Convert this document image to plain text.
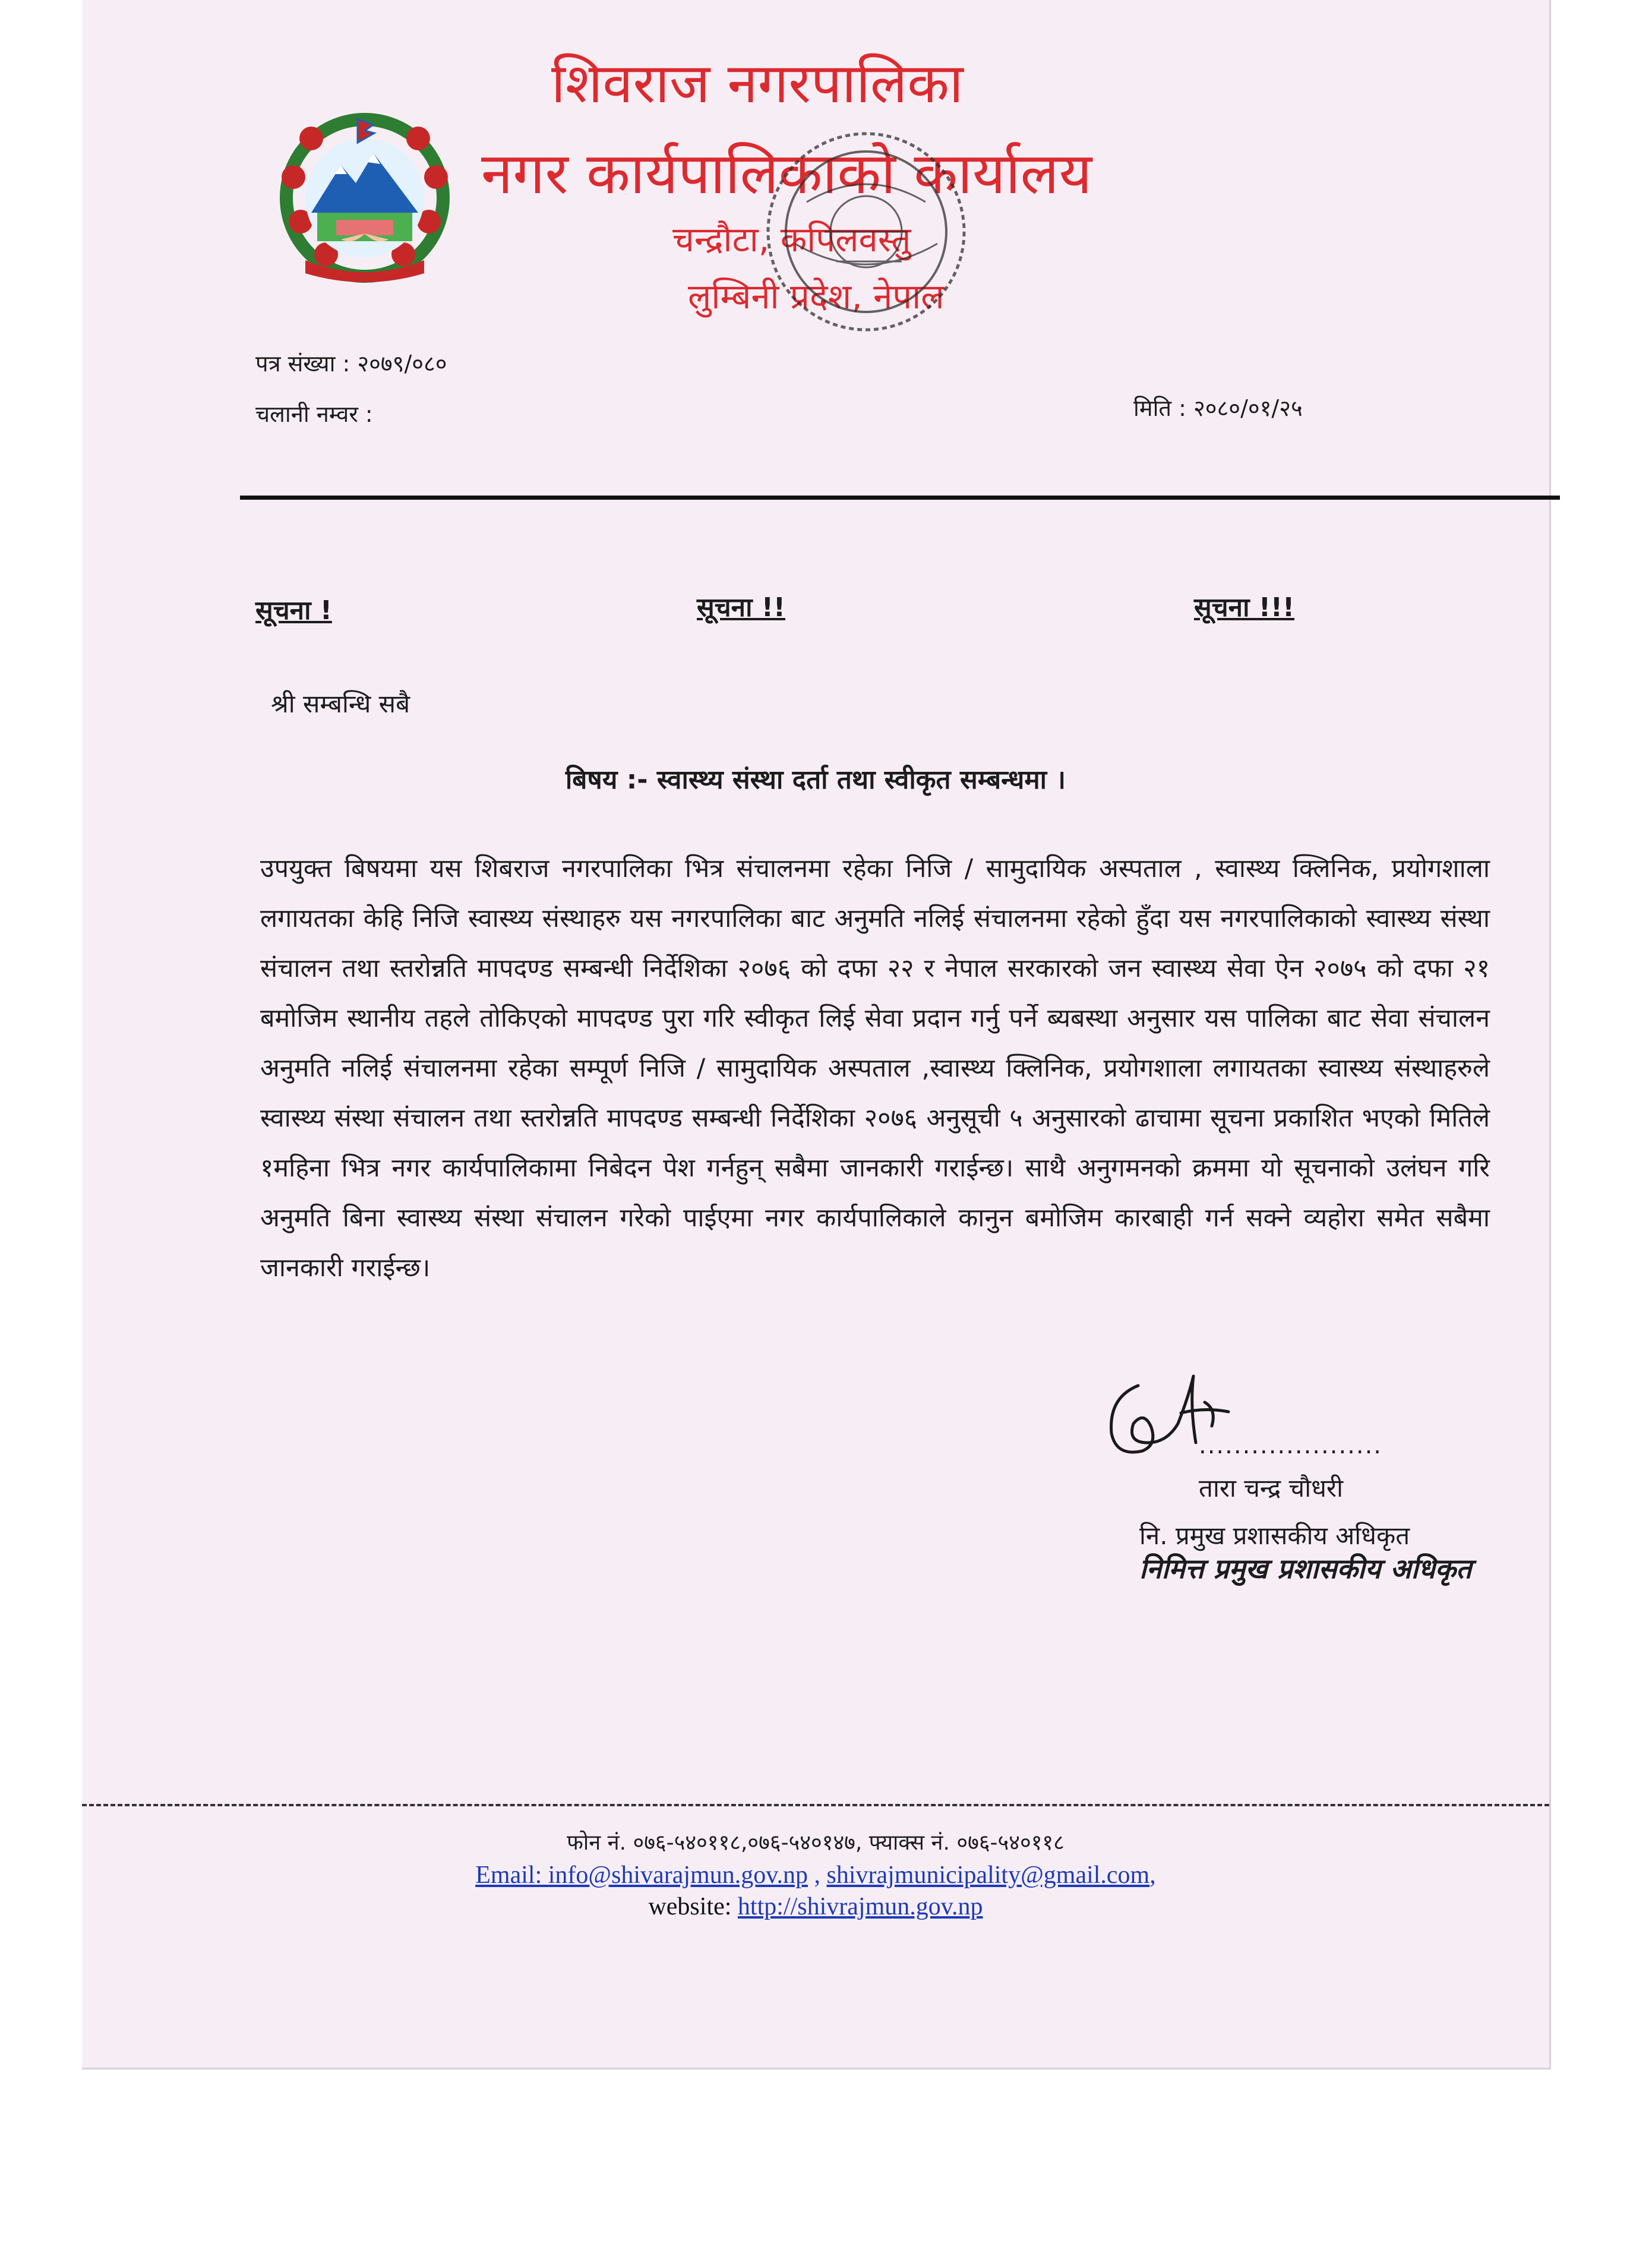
शिवराज नगरपालिका
नगर कार्यपालिकाको कार्यालय
चन्द्रौटा, कपिलवस्तु
लुम्बिनी प्रदेश, नेपाल
पत्र संख्या : २०७९/०८०
चलानी नम्वर :	मिति : २०८०/०१/२५
सूचना !	सूचना !!	सूचना !!!
श्री सम्बन्धि सबै
बिषय :- स्वास्थ्य संस्था दर्ता तथा स्वीकृत सम्बन्धमा ।
उपयुक्त बिषयमा यस शिबराज नगरपालिका भित्र संचालनमा रहेका निजि / सामुदायिक अस्पताल , स्वास्थ्य क्लिनिक, प्रयोगशाला लगायतका केहि निजि स्वास्थ्य संस्थाहरु यस नगरपालिका बाट अनुमति नलिई संचालनमा रहेको हुँदा यस नगरपालिकाको स्वास्थ्य संस्था संचालन तथा स्तरोन्नति मापदण्ड सम्बन्धी निर्देशिका २०७६ को दफा २२ र नेपाल सरकारको जन स्वास्थ्य सेवा ऐन २०७५ को दफा २१ बमोजिम स्थानीय तहले तोकिएको मापदण्ड पुरा गरि स्वीकृत लिई सेवा प्रदान गर्नु पर्ने ब्यबस्था अनुसार यस पालिका बाट सेवा संचालन अनुमति नलिई संचालनमा रहेका सम्पूर्ण निजि / सामुदायिक अस्पताल ,स्वास्थ्य क्लिनिक, प्रयोगशाला लगायतका स्वास्थ्य संस्थाहरुले स्वास्थ्य संस्था संचालन तथा स्तरोन्नति मापदण्ड सम्बन्धी निर्देशिका २०७६ अनुसूची ५ अनुसारको ढाचामा सूचना प्रकाशित भएको मितिले १महिना भित्र नगर कार्यपालिकामा निबेदन पेश गर्नहुन् सबैमा जानकारी गराईन्छ। साथै अनुगमनको क्रममा यो सूचनाको उलंघन गरि अनुमति बिना स्वास्थ्य संस्था संचालन गरेको पाईएमा नगर कार्यपालिकाले कानुन बमोजिम कारबाही गर्न सक्ने व्यहोरा समेत सबैमा जानकारी गराईन्छ।
.....................
तारा चन्द्र चौधरी
नि. प्रमुख प्रशासकीय अधिकृत
निमित्त प्रमुख प्रशासकीय अधिकृत
फोन नं. ०७६-५४०११८,०७६-५४०१४७, फ्याक्स नं. ०७६-५४०११८
Email: info@shivarajmun.gov.np , shivrajmunicipality@gmail.com,
website: http://shivrajmun.gov.np
